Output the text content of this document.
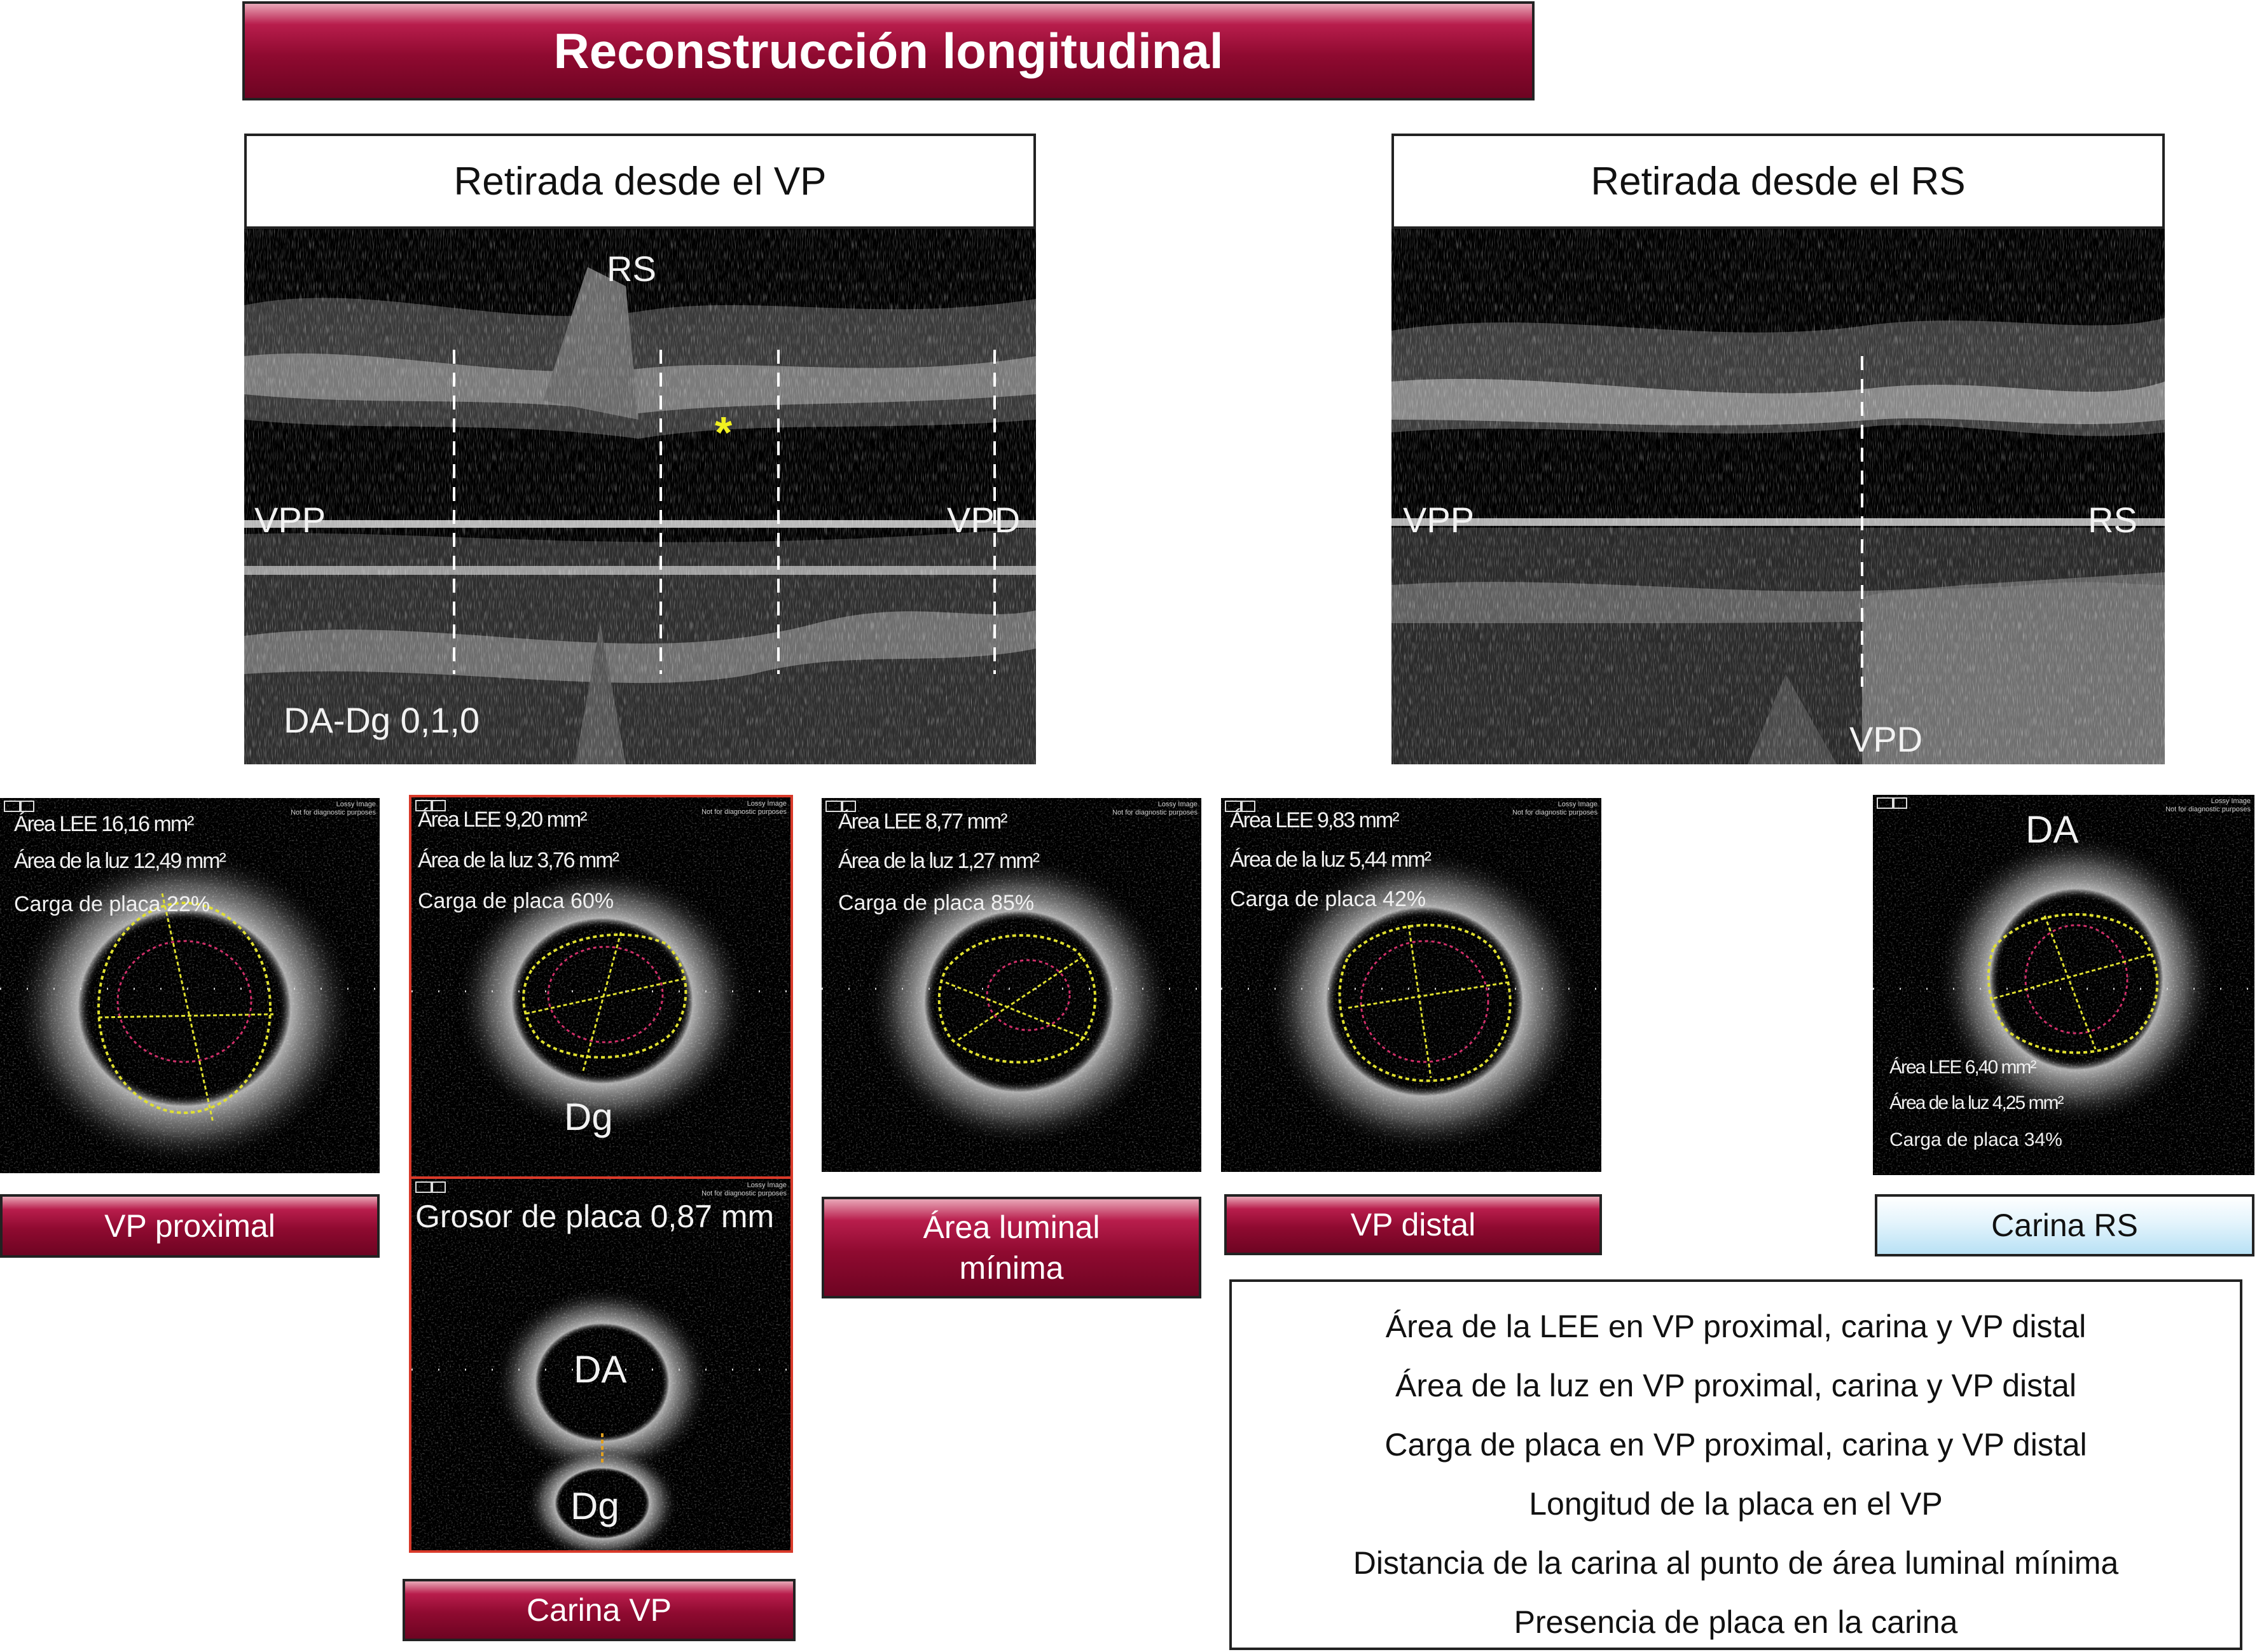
Reconstrucción longitudinal
Retirada desde el VP
RS
VPP	VPD
DA-Dg 0,1,0
*
Retirada desde el RS
VPP	RS
VPD
Lossy Image
Not for diagnostic purposes
Área LEE 16,16 mm²
Área de la luz 12,49 mm²
Carga de placa 22%
VP proximal
Lossy Image
Not for diagnostic purposes
Área LEE 9,20 mm²
Área de la luz 3,76 mm²
Carga de placa 60%
Dg
Lossy Image
Not for diagnostic purposes
Grosor de placa 0,87 mm
DA
Dg
Carina VP
Lossy Image
Not for diagnostic purposes
Área LEE 8,77 mm²
Área de la luz 1,27 mm²
Carga de placa 85%
Área luminal
mínima
Lossy Image
Not for diagnostic purposes
Área LEE 9,83 mm²
Área de la luz 5,44 mm²
Carga de placa 42%
VP distal
Lossy Image
Not for diagnostic purposes
DA
Área LEE 6,40 mm²
Área de la luz 4,25 mm²
Carga de placa 34%
Carina RS
Área de la LEE en VP proximal, carina y VP distal
Área de la luz en VP proximal, carina y VP distal
Carga de placa en VP proximal, carina y VP distal
Longitud de la placa en el VP
Distancia de la carina al punto de área luminal mínima
Presencia de placa en la carina
